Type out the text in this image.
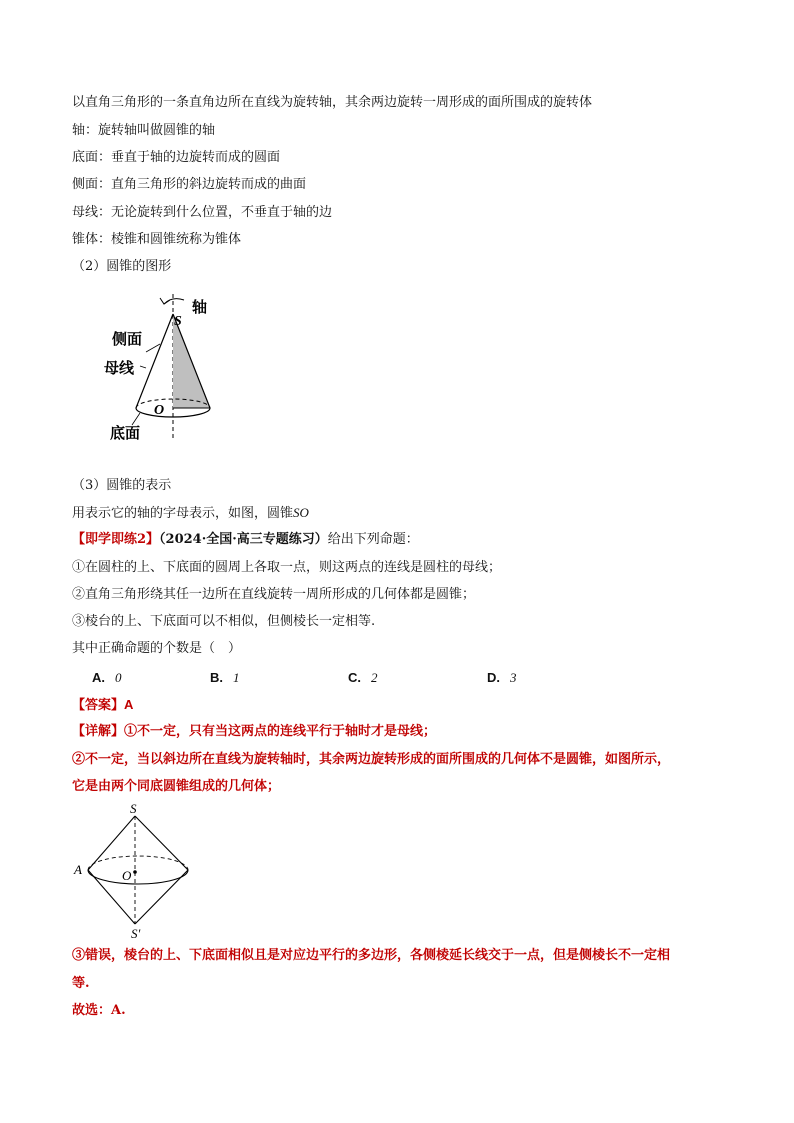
以直角三角形的一条直角边所在直线为旋转轴，其余两边旋转一周形成的面所围成的旋转体
轴：旋转轴叫做圆锥的轴
底面：垂直于轴的边旋转而成的圆面
侧面：直角三角形的斜边旋转而成的曲面
母线：无论旋转到什么位置，不垂直于轴的边
锥体：棱锥和圆锥统称为锥体
（2）圆锥的图形
轴
S
侧面
母线
O
底面
（3）圆锥的表示
用表示它的轴的字母表示，如图，圆锥SO
【即学即练2】（2024·全国·高三专题练习）给出下列命题：
①在圆柱的上、下底面的圆周上各取一点，则这两点的连线是圆柱的母线；
②直角三角形绕其任一边所在直线旋转一周所形成的几何体都是圆锥；
③棱台的上、下底面可以不相似，但侧棱长一定相等.
其中正确命题的个数是（　）
A. 0	B. 1	C. 2	D. 3
【答案】A
【详解】①不一定，只有当这两点的连线平行于轴时才是母线；
②不一定，当以斜边所在直线为旋转轴时，其余两边旋转形成的面所围成的几何体不是圆锥，如图所示，
它是由两个同底圆锥组成的几何体；
S
A	O
S′
③错误，棱台的上、下底面相似且是对应边平行的多边形，各侧棱延长线交于一点，但是侧棱长不一定相
等.
故选：A.
